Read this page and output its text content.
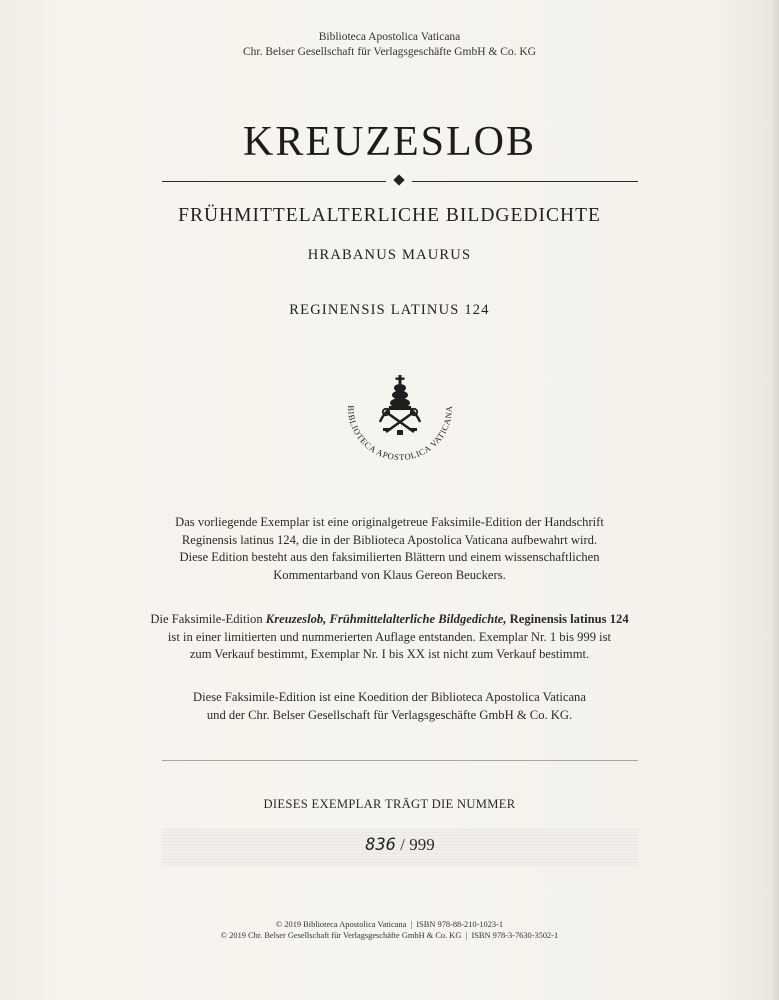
Biblioteca Apostolica Vaticana
Chr. Belser Gesellschaft für Verlagsgeschäfte GmbH & Co. KG
KREUZESLOB
FRÜHMITTELALTERLICHE BILDGEDICHTE
HRABANUS MAURUS
REGINENSIS LATINUS 124
BIBLIOTECA APOSTOLICA VATICANA
Das vorliegende Exemplar ist eine originalgetreue Faksimile-Edition der Handschrift
Reginensis latinus 124, die in der Biblioteca Apostolica Vaticana aufbewahrt wird.
Diese Edition besteht aus den faksimilierten Blättern und einem wissenschaftlichen
Kommentarband von Klaus Gereon Beuckers.
Die Faksimile-Edition Kreuzeslob, Frühmittelalterliche Bildgedichte, Reginensis latinus 124
ist in einer limitierten und nummerierten Auflage entstanden. Exemplar Nr. 1 bis 999 ist
zum Verkauf bestimmt, Exemplar Nr. I bis XX ist nicht zum Verkauf bestimmt.
Diese Faksimile-Edition ist eine Koedition der Biblioteca Apostolica Vaticana
und der Chr. Belser Gesellschaft für Verlagsgeschäfte GmbH & Co. KG.
DIESES EXEMPLAR TRÄGT DIE NUMMER
836 / 999
© 2019 Biblioteca Apostolica Vaticana  |  ISBN 978-88-210-1023-1
© 2019 Chr. Belser Gesellschaft für Verlagsgeschäfte GmbH & Co. KG  |  ISBN 978-3-7630-3502-1
